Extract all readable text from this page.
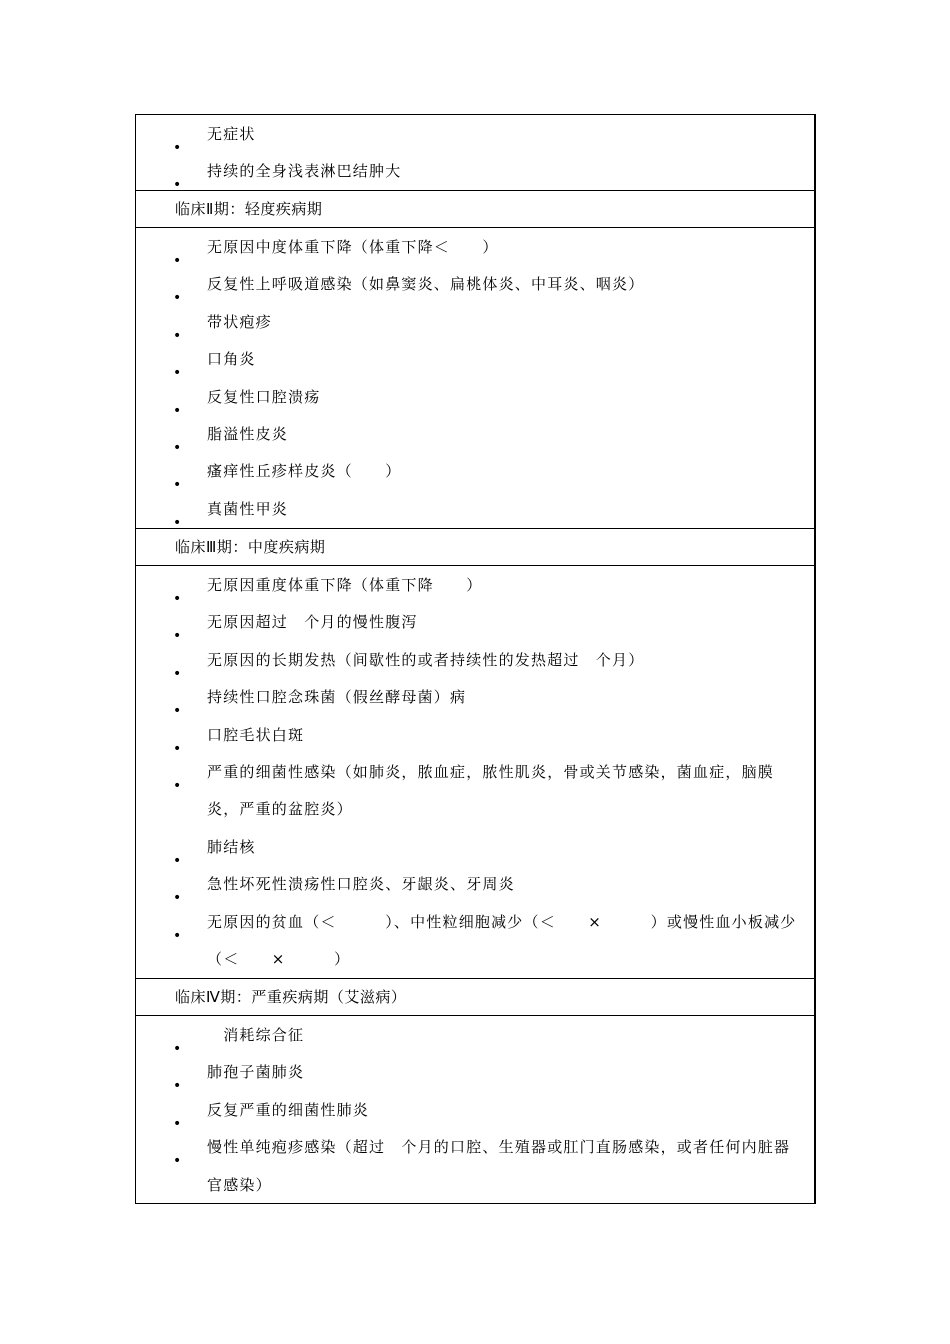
•
无症状
•
持续的全身浅表淋巴结肿大
临床Ⅱ期：轻度疾病期
•
无原因中度体重下降（体重下降＜　　）
•
反复性上呼吸道感染（如鼻窦炎、扁桃体炎、中耳炎、咽炎）
•
带状疱疹
•
口角炎
•
反复性口腔溃疡
•
脂溢性皮炎
•
瘙痒性丘疹样皮炎（　　）
•
真菌性甲炎
临床Ⅲ期：中度疾病期
•
无原因重度体重下降（体重下降　　）
•
无原因超过　个月的慢性腹泻
•
无原因的长期发热（间歇性的或者持续性的发热超过　个月）
•
持续性口腔念珠菌（假丝酵母菌）病
•
口腔毛状白斑
•
严重的细菌性感染（如肺炎，脓血症，脓性肌炎，骨或关节感染，菌血症，脑膜炎，严重的盆腔炎）
•
肺结核
•
急性坏死性溃疡性口腔炎、牙龈炎、牙周炎
•
无原因的贫血（＜　　　）、中性粒细胞减少（＜　　×　　　）或慢性血小板减少（＜　　×　　　）
临床Ⅳ期：严重疾病期（艾滋病）
•
　消耗综合征
•
肺孢子菌肺炎
•
反复严重的细菌性肺炎
•
慢性单纯疱疹感染（超过　个月的口腔、生殖器或肛门直肠感染，或者任何内脏器官感染）
